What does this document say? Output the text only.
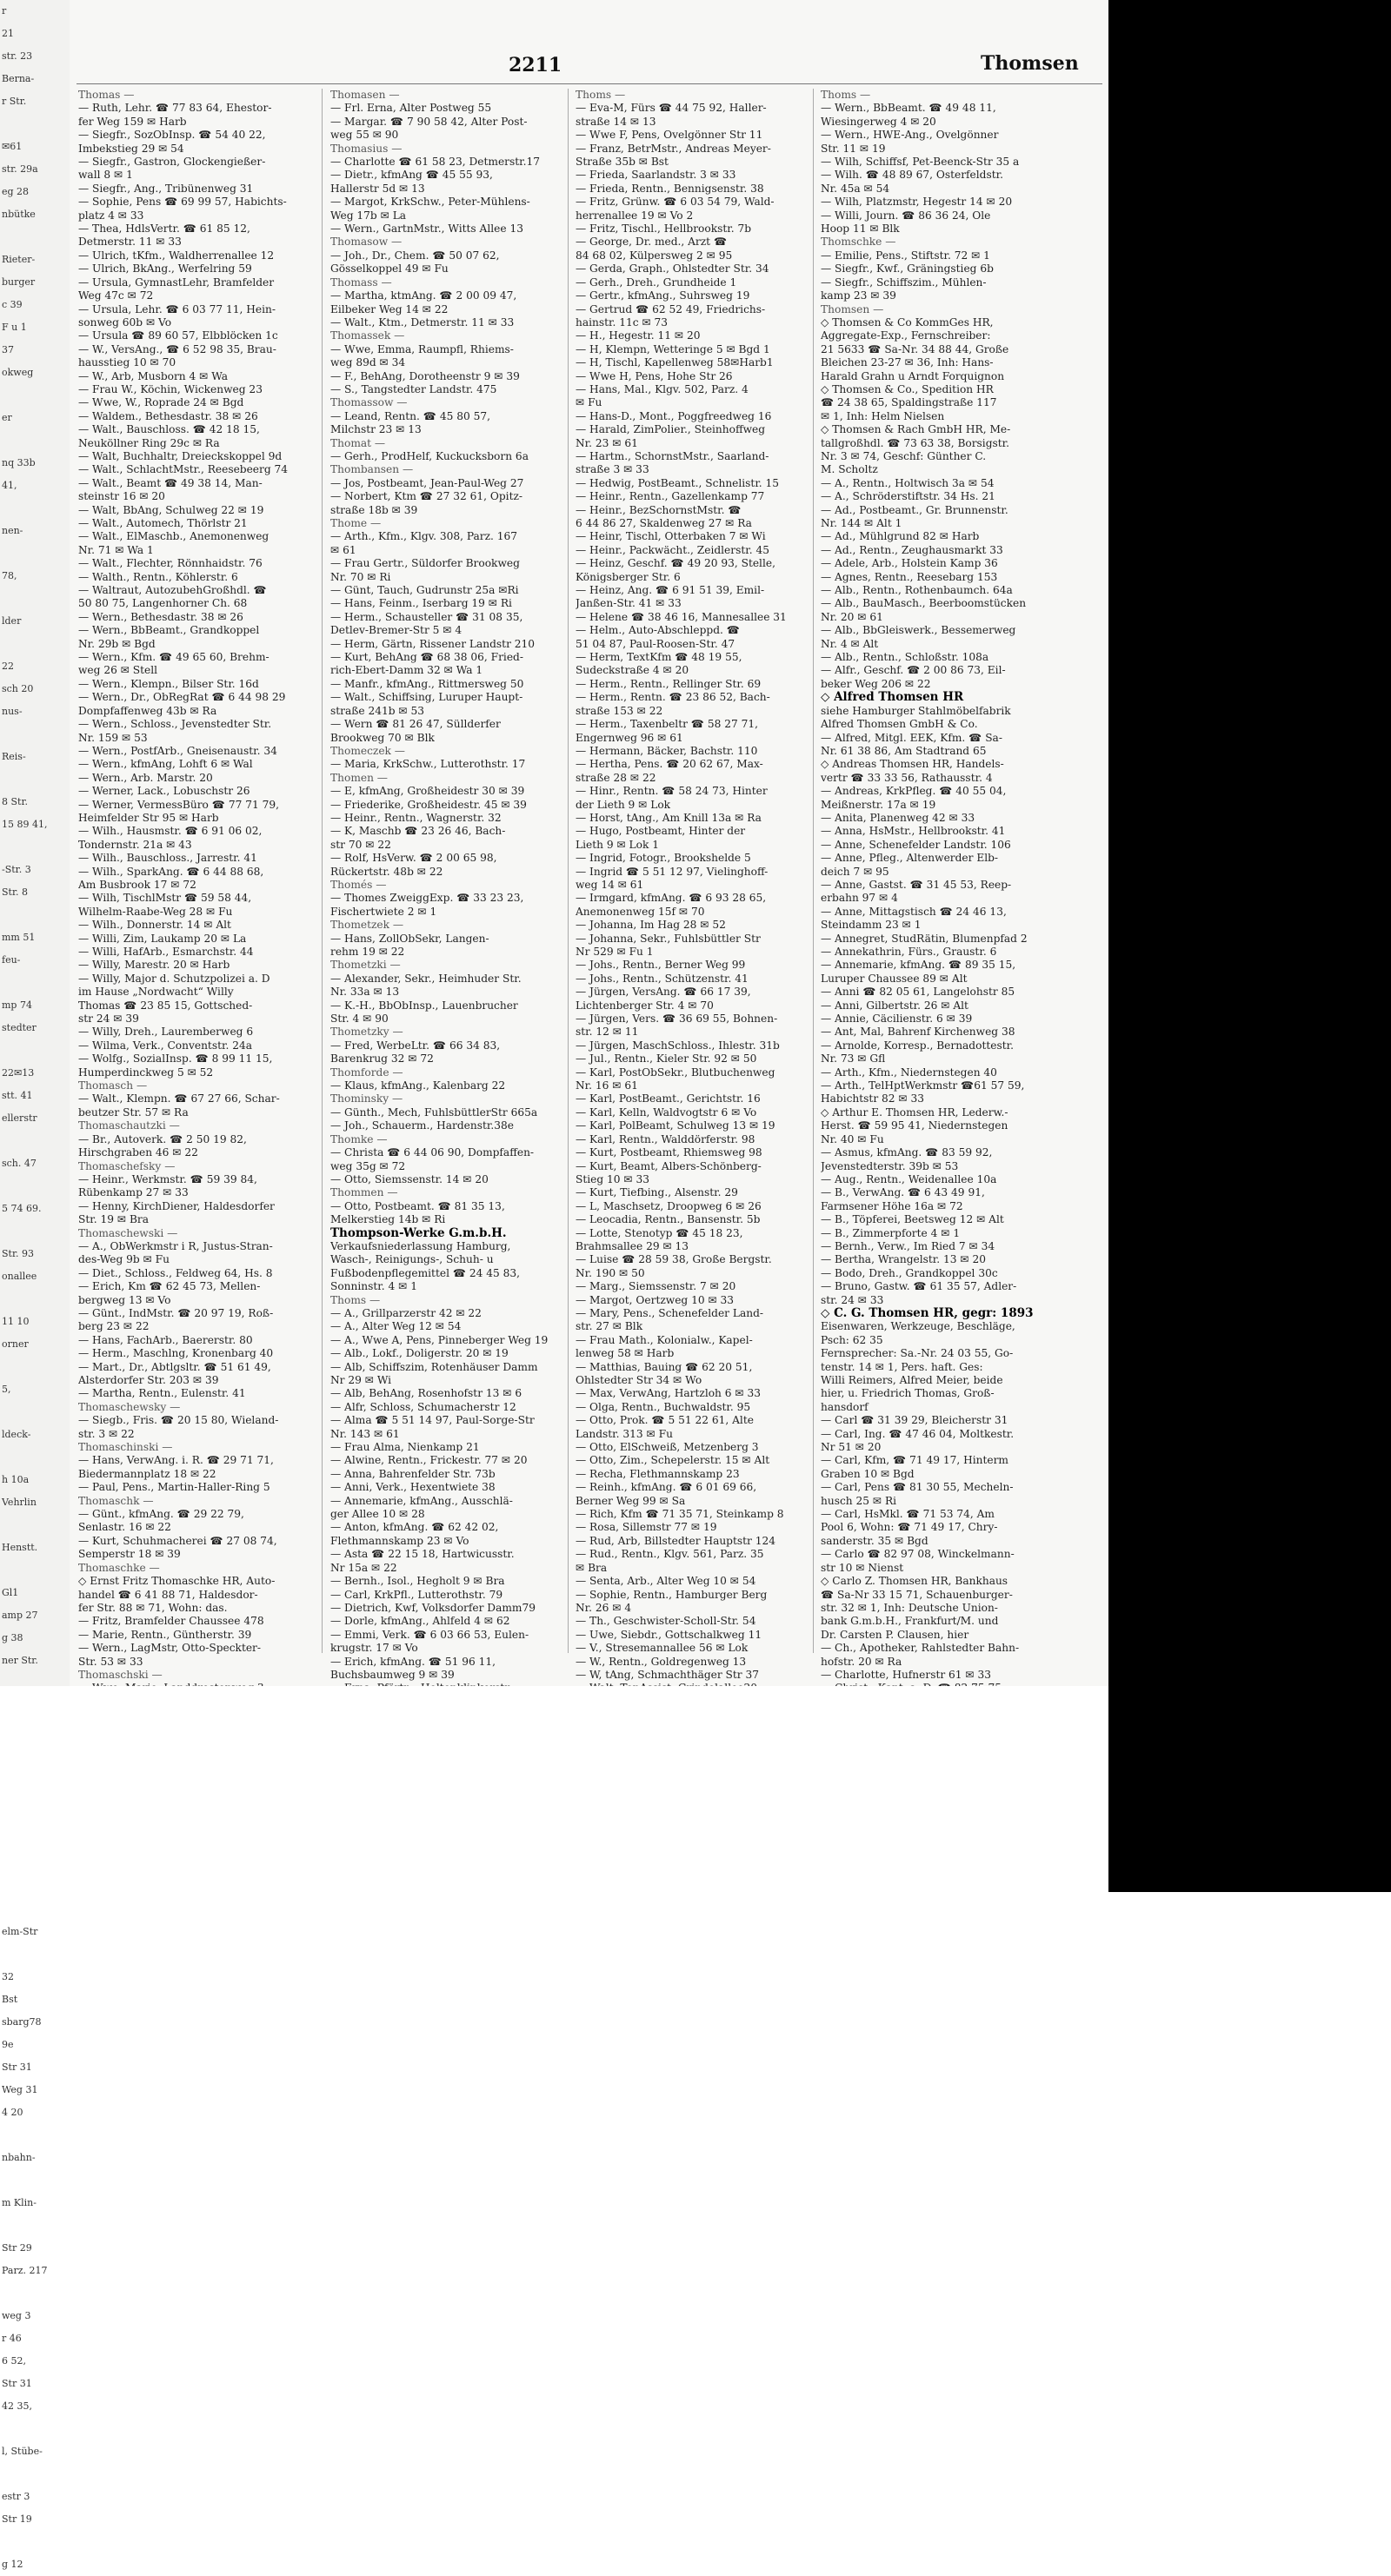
r
21
str. 23
Berna-
r Str.

✉61
str. 29a
eg 28
nbütke

Rieter-
burger
c 39
F u 1
37
okweg

er

nq 33b
41,

nen-

78,

lder

22
sch 20
nus-

Reis-

8 Str.
15 89 41,

-Str. 3
Str. 8

mm 51
feu-

mp 74
stedter

22✉13
stt. 41
ellerstr

sch. 47

5 74 69.

Str. 93
onallee

11 10
orner

5,

ldeck-

h 10a
Vehrlin

Henstt.

Gl1
amp 27
g 38
ner Str.

elm-Str

32
Bst
sbarg78
9e
Str 31
Weg 31
4 20

nbahn-

m Klin-

Str 29
Parz. 217

weg 3
r 46
6 52,
Str 31
42 35,

l, Stübe-

estr 3
Str 19

g 12
2211	Thomsen
Thomas —
— Ruth, Lehr. ☎ 77 83 64, Ehestor-
fer Weg 159 ✉ Harb
— Siegfr., SozObInsp. ☎ 54 40 22,
Imbekstieg 29 ✉ 54
— Siegfr., Gastron, Glockengießer-
wall 8 ✉ 1
— Siegfr., Ang., Tribünenweg 31
— Sophie, Pens ☎ 69 99 57, Habichts-
platz 4 ✉ 33
— Thea, HdlsVertr. ☎ 61 85 12,
Detmerstr. 11 ✉ 33
— Ulrich, tKfm., Waldherrenallee 12
— Ulrich, BkAng., Werfelring 59
— Ursula, GymnastLehr, Bramfelder
Weg 47c ✉ 72
— Ursula, Lehr. ☎ 6 03 77 11, Hein-
sonweg 60b ✉ Vo
— Ursula ☎ 89 60 57, Elbblöcken 1c
— W., VersAng., ☎ 6 52 98 35, Brau-
hausstieg 10 ✉ 70
— W., Arb, Musborn 4 ✉ Wa
— Frau W., Köchin, Wickenweg 23
— Wwe, W., Roprade 24 ✉ Bgd
— Waldem., Bethesdastr. 38 ✉ 26
— Walt., Bauschloss. ☎ 42 18 15,
Neuköllner Ring 29c ✉ Ra
— Walt, Buchhaltr, Dreieckskoppel 9d
— Walt., SchlachtMstr., Reesebeerg 74
— Walt., Beamt ☎ 49 38 14, Man-
steinstr 16 ✉ 20
— Walt, BbAng, Schulweg 22 ✉ 19
— Walt., Automech, Thörlstr 21
— Walt., ElMaschb., Anemonenweg
Nr. 71 ✉ Wa 1
— Walt., Flechter, Rönnhaidstr. 76
— Walth., Rentn., Köhlerstr. 6
— Waltraut, AutozubehGroßhdl. ☎
50 80 75, Langenhorner Ch. 68
— Wern., Bethesdastr. 38 ✉ 26
— Wern., BbBeamt., Grandkoppel
Nr. 29b ✉ Bgd
— Wern., Kfm. ☎ 49 65 60, Brehm-
weg 26 ✉ Stell
— Wern., Klempn., Bilser Str. 16d
— Wern., Dr., ObRegRat ☎ 6 44 98 29
Dompfaffenweg 43b ✉ Ra
— Wern., Schloss., Jevenstedter Str.
Nr. 159 ✉ 53
— Wern., PostfArb., Gneisenaustr. 34
— Wern., kfmAng, Lohft 6 ✉ Wal
— Wern., Arb. Marstr. 20
— Werner, Lack., Lobuschstr 26
— Werner, VermessBüro ☎ 77 71 79,
Heimfelder Str 95 ✉ Harb
— Wilh., Hausmstr. ☎ 6 91 06 02,
Tondernstr. 21a ✉ 43
— Wilh., Bauschloss., Jarrestr. 41
— Wilh., SparkAng. ☎ 6 44 88 68,
Am Busbrook 17 ✉ 72
— Wilh, TischlMstr ☎ 59 58 44,
Wilhelm-Raabe-Weg 28 ✉ Fu
— Wilh., Donnerstr. 14 ✉ Alt
— Willi, Zim, Laukamp 20 ✉ La
— Willi, HafArb., Esmarchstr. 44
— Willy, Marestr. 20 ✉ Harb
— Willy, Major d. Schutzpolizei a. D
im Hause „Nordwacht“ Willy
Thomas ☎ 23 85 15, Gottsched-
str 24 ✉ 39
— Willy, Dreh., Lauremberweg 6
— Wilma, Verk., Conventstr. 24a
— Wolfg., SozialInsp. ☎ 8 99 11 15,
Humperdinckweg 5 ✉ 52
Thomasch —
— Walt., Klempn. ☎ 67 27 66, Schar-
beutzer Str. 57 ✉ Ra
Thomaschautzki —
— Br., Autoverk. ☎ 2 50 19 82,
Hirschgraben 46 ✉ 22
Thomaschefsky —
— Heinr., Werkmstr. ☎ 59 39 84,
Rübenkamp 27 ✉ 33
— Henny, KirchDiener, Haldesdorfer
Str. 19 ✉ Bra
Thomaschewski —
— A., ObWerkmstr i R, Justus-Stran-
des-Weg 9b ✉ Fu
— Diet., Schloss., Feldweg 64, Hs. 8
— Erich, Km ☎ 62 45 73, Mellen-
bergweg 13 ✉ Vo
— Günt., IndMstr. ☎ 20 97 19, Roß-
berg 23 ✉ 22
— Hans, FachArb., Baererstr. 80
— Herm., Maschlng, Kronenbarg 40
— Mart., Dr., Abtlgsltr. ☎ 51 61 49,
Alsterdorfer Str. 203 ✉ 39
— Martha, Rentn., Eulenstr. 41
Thomaschewsky —
— Siegb., Fris. ☎ 20 15 80, Wieland-
str. 3 ✉ 22
Thomaschinski —
— Hans, VerwAng. i. R. ☎ 29 71 71,
Biedermannplatz 18 ✉ 22
— Paul, Pens., Martin-Haller-Ring 5
Thomaschk —
— Günt., kfmAng. ☎ 29 22 79,
Senlastr. 16 ✉ 22
— Kurt, Schuhmacherei ☎ 27 08 74,
Semperstr 18 ✉ 39
Thomaschke —
◇ Ernst Fritz Thomaschke HR, Auto-
handel ☎ 6 41 88 71, Haldesdor-
fer Str. 88 ✉ 71, Wohn: das.
— Fritz, Bramfelder Chaussee 478
— Marie, Rentn., Güntherstr. 39
— Wern., LagMstr, Otto-Speckter-
Str. 53 ✉ 33
Thomaschski —
Thomasen —
— Frl. Erna, Alter Postweg 55
— Margar. ☎ 7 90 58 42, Alter Post-
weg 55 ✉ 90
Thomasius —
— Charlotte ☎ 61 58 23, Detmerstr.17
— Dietr., kfmAng ☎ 45 55 93,
Hallerstr 5d ✉ 13
— Margot, KrkSchw., Peter-Mühlens-
Weg 17b ✉ La
— Wern., GartnMstr., Witts Allee 13
Thomasow —
— Joh., Dr., Chem. ☎ 50 07 62,
Gösselkoppel 49 ✉ Fu
Thomass —
— Martha, ktmAng. ☎ 2 00 09 47,
Eilbeker Weg 14 ✉ 22
— Walt., Ktm., Detmerstr. 11 ✉ 33
Thomassek —
— Wwe, Emma, Raumpfl, Rhiems-
weg 89d ✉ 34
— F., BehAng, Dorotheenstr 9 ✉ 39
— S., Tangstedter Landstr. 475
Thomassow —
— Leand, Rentn. ☎ 45 80 57,
Milchstr 23 ✉ 13
Thomat —
— Gerh., ProdHelf, Kuckucksborn 6a
Thombansen —
— Jos, Postbeamt, Jean-Paul-Weg 27
— Norbert, Ktm ☎ 27 32 61, Opitz-
straße 18b ✉ 39
Thome —
— Arth., Kfm., Klgv. 308, Parz. 167
✉ 61
— Frau Gertr., Süldorfer Brookweg
Nr. 70 ✉ Ri
— Günt, Tauch, Gudrunstr 25a ✉Ri
— Hans, Feinm., Iserbarg 19 ✉ Ri
— Herm., Schausteller ☎ 31 08 35,
Detlev-Bremer-Str 5 ✉ 4
— Herm, Gärtn, Rissener Landstr 210
— Kurt, BehAng ☎ 68 38 06, Fried-
rich-Ebert-Damm 32 ✉ Wa 1
— Manfr., kfmAng., Rittmersweg 50
— Walt., Schiffsing, Luruper Haupt-
straße 241b ✉ 53
— Wern ☎ 81 26 47, Süllderfer
Brookweg 70 ✉ Blk
Thomeczek —
— Maria, KrkSchw., Lutterothstr. 17
Thomen —
— E, kfmAng, Großheidestr 30 ✉ 39
— Friederike, Großheidestr. 45 ✉ 39
— Heinr., Rentn., Wagnerstr. 32
— K, Maschb ☎ 23 26 46, Bach-
str 70 ✉ 22
— Rolf, HsVerw. ☎ 2 00 65 98,
Rückertstr. 48b ✉ 22
Thomés —
— Thomes ZweiggExp. ☎ 33 23 23,
Fischertwiete 2 ✉ 1
Thometzek —
— Hans, ZollObSekr, Langen-
rehm 19 ✉ 22
Thometzki —
— Alexander, Sekr., Heimhuder Str.
Nr. 33a ✉ 13
— K.-H., BbObInsp., Lauenbrucher
Str. 4 ✉ 90
Thometzky —
— Fred, WerbeLtr. ☎ 66 34 83,
Barenkrug 32 ✉ 72
Thomforde —
— Klaus, kfmAng., Kalenbarg 22
Thominsky —
— Günth., Mech, FuhlsbüttlerStr 665a
— Joh., Schauerm., Hardenstr.38e
Thomke —
— Christa ☎ 6 44 06 90, Dompfaffen-
weg 35g ✉ 72
— Otto, Siemssenstr. 14 ✉ 20
Thommen —
— Otto, Postbeamt. ☎ 81 35 13,
Melkerstieg 14b ✉ Ri
Thompson-Werke G.m.b.H.
Verkaufsniederlassung Hamburg,
Wasch-, Reinigungs-, Schuh- u
Fußbodenpflegemittel ☎ 24 45 83,
Sonninstr. 4 ✉ 1
Thoms —
— A., Grillparzerstr 42 ✉ 22
— A., Alter Weg 12 ✉ 54
— A., Wwe A, Pens, Pinneberger Weg 19
— Alb., Lokf., Doligerstr. 20 ✉ 19
— Alb, Schiffszim, Rotenhäuser Damm
Nr 29 ✉ Wi
— Alb, BehAng, Rosenhofstr 13 ✉ 6
— Alfr, Schloss, Schumacherstr 12
— Alma ☎ 5 51 14 97, Paul-Sorge-Str
Nr. 143 ✉ 61
— Frau Alma, Nienkamp 21
— Alwine, Rentn., Frickestr. 77 ✉ 20
— Anna, Bahrenfelder Str. 73b
— Anni, Verk., Hexentwiete 38
— Annemarie, kfmAng., Ausschlä-
ger Allee 10 ✉ 28
— Anton, kfmAng. ☎ 62 42 02,
Flethmannskamp 23 ✉ Vo
— Asta ☎ 22 15 18, Hartwicusstr.
Nr 15a ✉ 22
— Bernh., Isol., Hegholt 9 ✉ Bra
— Carl, KrkPfl., Lutterothstr. 79
— Dietrich, Kwf, Volksdorfer Damm79
— Dorle, kfmAng., Ahlfeld 4 ✉ 62
— Emmi, Verk. ☎ 6 03 66 53, Eulen-
krugstr. 17 ✉ Vo
— Erich, kfmAng. ☎ 51 96 11,
Buchsbaumweg 9 ✉ 39
Thoms —
— Eva-M, Fürs ☎ 44 75 92, Haller-
straße 14 ✉ 13
— Wwe F, Pens, Ovelgönner Str 11
— Franz, BetrMstr., Andreas Meyer-
Straße 35b ✉ Bst
— Frieda, Saarlandstr. 3 ✉ 33
— Frieda, Rentn., Bennigsenstr. 38
— Fritz, Grünw. ☎ 6 03 54 79, Wald-
herrenallee 19 ✉ Vo 2
— Fritz, Tischl., Hellbrookstr. 7b
— George, Dr. med., Arzt ☎
84 68 02, Külpersweg 2 ✉ 95
— Gerda, Graph., Ohlstedter Str. 34
— Gerh., Dreh., Grundheide 1
— Gertr., kfmAng., Suhrsweg 19
— Gertrud ☎ 62 52 49, Friedrichs-
hainstr. 11c ✉ 73
— H., Hegestr. 11 ✉ 20
— H, Klempn, Wetteringe 5 ✉ Bgd 1
— H, Tischl, Kapellenweg 58✉Harb1
— Wwe H, Pens, Hohe Str 26
— Hans, Mal., Klgv. 502, Parz. 4
✉ Fu
— Hans-D., Mont., Poggfreedweg 16
— Harald, ZimPolier., Steinhoffweg
Nr. 23 ✉ 61
— Hartm., SchornstMstr., Saarland-
straße 3 ✉ 33
— Hedwig, PostBeamt., Schnelistr. 15
— Heinr., Rentn., Gazellenkamp 77
— Heinr., BezSchornstMstr. ☎
6 44 86 27, Skaldenweg 27 ✉ Ra
— Heinr, Tischl, Otterbaken 7 ✉ Wi
— Heinr., Packwächt., Zeidlerstr. 45
— Heinz, Geschf. ☎ 49 20 93, Stelle,
Königsberger Str. 6
— Heinz, Ang. ☎ 6 91 51 39, Emil-
Janßen-Str. 41 ✉ 33
— Helene ☎ 38 46 16, Mannesallee 31
— Helm., Auto-Abschleppd. ☎
51 04 87, Paul-Roosen-Str. 47
— Herm, TextKfm ☎ 48 19 55,
Sudeckstraße 4 ✉ 20
— Herm., Rentn., Rellinger Str. 69
— Herm., Rentn. ☎ 23 86 52, Bach-
straße 153 ✉ 22
— Herm., Taxenbeltr ☎ 58 27 71,
Engernweg 96 ✉ 61
— Hermann, Bäcker, Bachstr. 110
— Hertha, Pens. ☎ 20 62 67, Max-
straße 28 ✉ 22
— Hinr., Rentn. ☎ 58 24 73, Hinter
der Lieth 9 ✉ Lok
— Horst, tAng., Am Knill 13a ✉ Ra
— Hugo, Postbeamt, Hinter der
Lieth 9 ✉ Lok 1
— Ingrid, Fotogr., Brookshelde 5
— Ingrid ☎ 5 51 12 97, Vielinghoff-
weg 14 ✉ 61
— Irmgard, kfmAng. ☎ 6 93 28 65,
Anemonenweg 15f ✉ 70
— Johanna, Im Hag 28 ✉ 52
— Johanna, Sekr., Fuhlsbüttler Str
Nr 529 ✉ Fu 1
— Johs., Rentn., Berner Weg 99
— Johs., Rentn., Schützenstr. 41
— Jürgen, VersAng. ☎ 66 17 39,
Lichtenberger Str. 4 ✉ 70
— Jürgen, Vers. ☎ 36 69 55, Bohnen-
str. 12 ✉ 11
— Jürgen, MaschSchloss., Ihlestr. 31b
— Jul., Rentn., Kieler Str. 92 ✉ 50
— Karl, PostObSekr., Blutbuchenweg
Nr. 16 ✉ 61
— Karl, PostBeamt., Gerichtstr. 16
— Karl, Kelln, Waldvogtstr 6 ✉ Vo
— Karl, PolBeamt, Schulweg 13 ✉ 19
— Karl, Rentn., Walddörferstr. 98
— Kurt, Postbeamt, Rhiemsweg 98
— Kurt, Beamt, Albers-Schönberg-
Stieg 10 ✉ 33
— Kurt, Tiefbing., Alsenstr. 29
— L, Maschsetz, Droopweg 6 ✉ 26
— Leocadia, Rentn., Bansenstr. 5b
— Lotte, Stenotyp ☎ 45 18 23,
Brahmsallee 29 ✉ 13
— Luise ☎ 28 59 38, Große Bergstr.
Nr. 190 ✉ 50
— Marg., Siemssenstr. 7 ✉ 20
— Margot, Oertzweg 10 ✉ 33
— Mary, Pens., Schenefelder Land-
str. 27 ✉ Blk
— Frau Math., Kolonialw., Kapel-
lenweg 58 ✉ Harb
— Matthias, Bauing ☎ 62 20 51,
Ohlstedter Str 34 ✉ Wo
— Max, VerwAng, Hartzloh 6 ✉ 33
— Olga, Rentn., Buchwaldstr. 95
— Otto, Prok. ☎ 5 51 22 61, Alte
Landstr. 313 ✉ Fu
— Otto, ElSchweiß, Metzenberg 3
— Otto, Zim., Schepelerstr. 15 ✉ Alt
— Recha, Flethmannskamp 23
— Reinh., kfmAng. ☎ 6 01 69 66,
Berner Weg 99 ✉ Sa
— Rich, Kfm ☎ 71 35 71, Steinkamp 8
— Rosa, Sillemstr 77 ✉ 19
— Rud, Arb, Billstedter Hauptstr 124
— Rud., Rentn., Klgv. 561, Parz. 35
✉ Bra
— Senta, Arb., Alter Weg 10 ✉ 54
— Sophie, Rentn., Hamburger Berg
Nr. 26 ✉ 4
— Th., Geschwister-Scholl-Str. 54
— Uwe, Siebdr., Gottschalkweg 11
— V., Stresemannallee 56 ✉ Lok
— W., Rentn., Goldregenweg 13
— W, tAng, Schmachthäger Str 37
Thoms —
— Wern., BbBeamt. ☎ 49 48 11,
Wiesingerweg 4 ✉ 20
— Wern., HWE-Ang., Ovelgönner
Str. 11 ✉ 19
— Wilh, Schiffsf, Pet-Beenck-Str 35 a
— Wilh. ☎ 48 89 67, Osterfeldstr.
Nr. 45a ✉ 54
— Wilh, Platzmstr, Hegestr 14 ✉ 20
— Willi, Journ. ☎ 86 36 24, Ole
Hoop 11 ✉ Blk
Thomschke —
— Emilie, Pens., Stiftstr. 72 ✉ 1
— Siegfr., Kwf., Gräningstieg 6b
— Siegfr., Schiffszim., Mühlen-
kamp 23 ✉ 39
Thomsen —
◇ Thomsen & Co KommGes HR,
Aggregate-Exp., Fernschreiber:
21 5633 ☎ Sa-Nr. 34 88 44, Große
Bleichen 23-27 ✉ 36, Inh: Hans-
Harald Grahn u Arndt Forquignon
◇ Thomsen & Co., Spedition HR
☎ 24 38 65, Spaldingstraße 117
✉ 1, Inh: Helm Nielsen
◇ Thomsen & Rach GmbH HR, Me-
tallgroßhdl. ☎ 73 63 38, Borsigstr.
Nr. 3 ✉ 74, Geschf: Günther C.
M. Scholtz
— A., Rentn., Holtwisch 3a ✉ 54
— A., Schröderstiftstr. 34 Hs. 21
— Ad., Postbeamt., Gr. Brunnenstr.
Nr. 144 ✉ Alt 1
— Ad., Mühlgrund 82 ✉ Harb
— Ad., Rentn., Zeughausmarkt 33
— Adele, Arb., Holstein Kamp 36
— Agnes, Rentn., Reesebarg 153
— Alb., Rentn., Rothenbaumch. 64a
— Alb., BauMasch., Beerboomstücken
Nr. 20 ✉ 61
— Alb., BbGleiswerk., Bessemerweg
Nr. 4 ✉ Alt
— Alb., Rentn., Schloßstr. 108a
— Alfr., Geschf. ☎ 2 00 86 73, Eil-
beker Weg 206 ✉ 22
◇ Alfred Thomsen HR
siehe Hamburger Stahlmöbelfabrik
Alfred Thomsen GmbH & Co.
— Alfred, Mitgl. EEK, Kfm. ☎ Sa-
Nr. 61 38 86, Am Stadtrand 65
◇ Andreas Thomsen HR, Handels-
vertr ☎ 33 33 56, Rathausstr. 4
— Andreas, KrkPfleg. ☎ 40 55 04,
Meißnerstr. 17a ✉ 19
— Anita, Planenweg 42 ✉ 33
— Anna, HsMstr., Hellbrookstr. 41
— Anne, Schenefelder Landstr. 106
— Anne, Pfleg., Altenwerder Elb-
deich 7 ✉ 95
— Anne, Gastst. ☎ 31 45 53, Reep-
erbahn 97 ✉ 4
— Anne, Mittagstisch ☎ 24 46 13,
Steindamm 23 ✉ 1
— Annegret, StudRätin, Blumenpfad 2
— Annekathrin, Fürs., Graustr. 6
— Annemarie, kfmAng. ☎ 89 35 15,
Luruper Chaussee 89 ✉ Alt
— Anni ☎ 82 05 61, Langelohstr 85
— Anni, Gilbertstr. 26 ✉ Alt
— Annie, Cäcilienstr. 6 ✉ 39
— Ant, Mal, Bahrenf Kirchenweg 38
— Arnolde, Korresp., Bernadottestr.
Nr. 73 ✉ Gfl
— Arth., Kfm., Niedernstegen 40
— Arth., TelHptWerkmstr ☎61 57 59,
Habichtstr 82 ✉ 33
◇ Arthur E. Thomsen HR, Lederw.-
Herst. ☎ 59 95 41, Niedernstegen
Nr. 40 ✉ Fu
— Asmus, kfmAng. ☎ 83 59 92,
Jevenstedterstr. 39b ✉ 53
— Aug., Rentn., Weidenallee 10a
— B., VerwAng. ☎ 6 43 49 91,
Farmsener Höhe 16a ✉ 72
— B., Töpferei, Beetsweg 12 ✉ Alt
— B., Zimmerpforte 4 ✉ 1
— Bernh., Verw., Im Ried 7 ✉ 34
— Bertha, Wrangelstr. 13 ✉ 20
— Bodo, Dreh., Grandkoppel 30c
— Bruno, Gastw. ☎ 61 35 57, Adler-
str. 24 ✉ 33
◇ C. G. Thomsen HR, gegr: 1893
Eisenwaren, Werkzeuge, Beschläge,
Psch: 62 35
Fernsprecher: Sa.-Nr. 24 03 55, Go-
tenstr. 14 ✉ 1, Pers. haft. Ges:
Willi Reimers, Alfred Meier, beide
hier, u. Friedrich Thomas, Groß-
hansdorf
— Carl ☎ 31 39 29, Bleicherstr 31
— Carl, Ing. ☎ 47 46 04, Moltkestr.
Nr 51 ✉ 20
— Carl, Kfm, ☎ 71 49 17, Hinterm
Graben 10 ✉ Bgd
— Carl, Pens ☎ 81 30 55, Mecheln-
husch 25 ✉ Ri
— Carl, HsMkl. ☎ 71 53 74, Am
Pool 6, Wohn: ☎ 71 49 17, Chry-
sanderstr. 35 ✉ Bgd
— Carlo ☎ 82 97 08, Winckelmann-
str 10 ✉ Nienst
◇ Carlo Z. Thomsen HR, Bankhaus
☎ Sa-Nr 33 15 71, Schauenburger-
str. 32 ✉ 1, Inh: Deutsche Union-
bank G.m.b.H., Frankfurt/M. und
Dr. Carsten P. Clausen, hier
— Ch., Apotheker, Rahlstedter Bahn-
hofstr. 20 ✉ Ra
— Charlotte, Hufnerstr 61 ✉ 33
